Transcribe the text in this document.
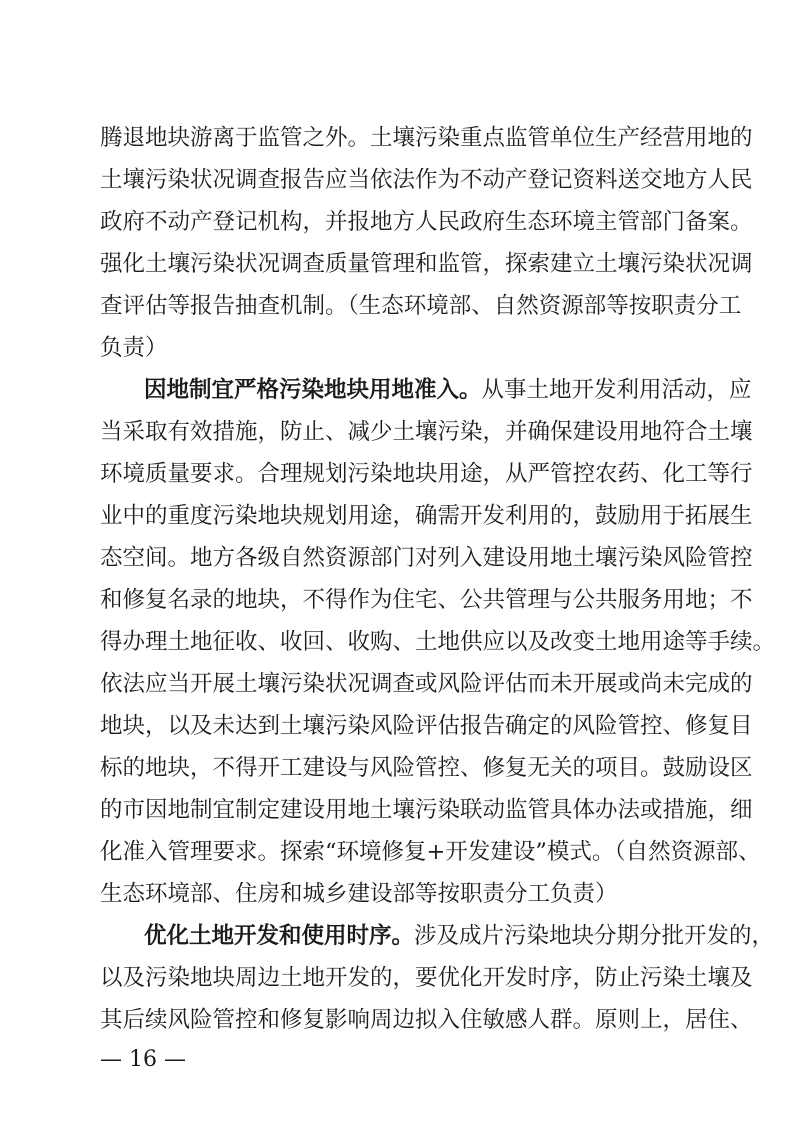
腾退地块游离于监管之外。土壤污染重点监管单位生产经营用地的
土壤污染状况调查报告应当依法作为不动产登记资料送交地方人民
政府不动产登记机构，并报地方人民政府生态环境主管部门备案。
强化土壤污染状况调查质量管理和监管，探索建立土壤污染状况调
查评估等报告抽查机制。（生态环境部、自然资源部等按职责分工
负责）
因地制宜严格污染地块用地准入。从事土地开发利用活动，应
当采取有效措施，防止、减少土壤污染，并确保建设用地符合土壤
环境质量要求。合理规划污染地块用途，从严管控农药、化工等行
业中的重度污染地块规划用途，确需开发利用的，鼓励用于拓展生
态空间。地方各级自然资源部门对列入建设用地土壤污染风险管控
和修复名录的地块，不得作为住宅、公共管理与公共服务用地；不
得办理土地征收、收回、收购、土地供应以及改变土地用途等手续。
依法应当开展土壤污染状况调查或风险评估而未开展或尚未完成的
地块，以及未达到土壤污染风险评估报告确定的风险管控、修复目
标的地块，不得开工建设与风险管控、修复无关的项目。鼓励设区
的市因地制宜制定建设用地土壤污染联动监管具体办法或措施，细
化准入管理要求。探索“环境修复+开发建设”模式。（自然资源部、
生态环境部、住房和城乡建设部等按职责分工负责）
优化土地开发和使用时序。涉及成片污染地块分期分批开发的，
以及污染地块周边土地开发的，要优化开发时序，防止污染土壤及
其后续风险管控和修复影响周边拟入住敏感人群。原则上，居住、
— 16 —
